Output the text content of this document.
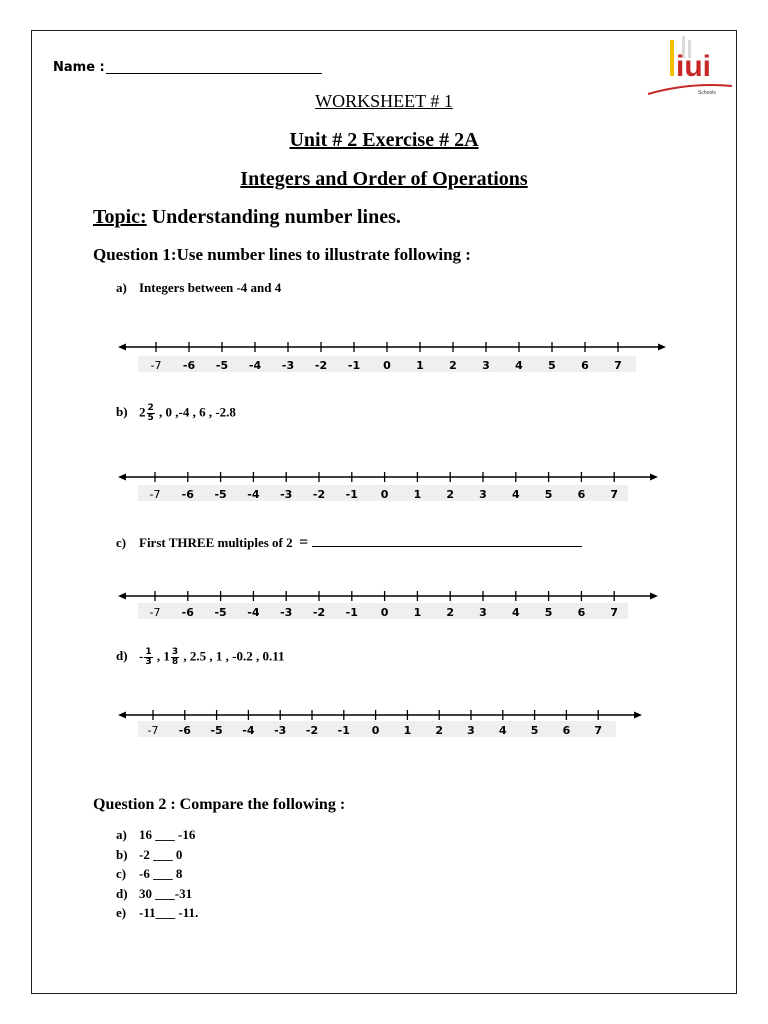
iui
Schools
Name :
WORKSHEET # 1
Unit # 2 Exercise # 2A
Integers and Order of Operations
Topic: Understanding number lines.
Question 1:Use number lines to illustrate following :
a) Integers between -4 and 4
b) $2 \frac{2}{5}$ , 0 ,-4 , 6 , -2.8
c) First THREE multiples of 2 =
$d) - \frac{1}{3}$ , $1 \frac{3}{8}$ , 2.5 , 1 , -0.2 , 0.11
-7 -6 -5 -4 -3 -2 -1 0 1 2 3 4 5 6 7
-7 -6 -5 -4 -3 -2 -1 0 1 2 3 4 5 6 7
-7 -6 -5 -4 -3 -2 -1 0 1 2 3 4 5 6 7
-7 -6 -5 -4 -3 -2 -1 0 1 2 3 4 5 6 7
Question 2 : Compare the following :
a) 16 ___ -16
b) -2 ___ 0
c) -6 ___ 8
d) 30 ___-31
e) -11___ -11.
